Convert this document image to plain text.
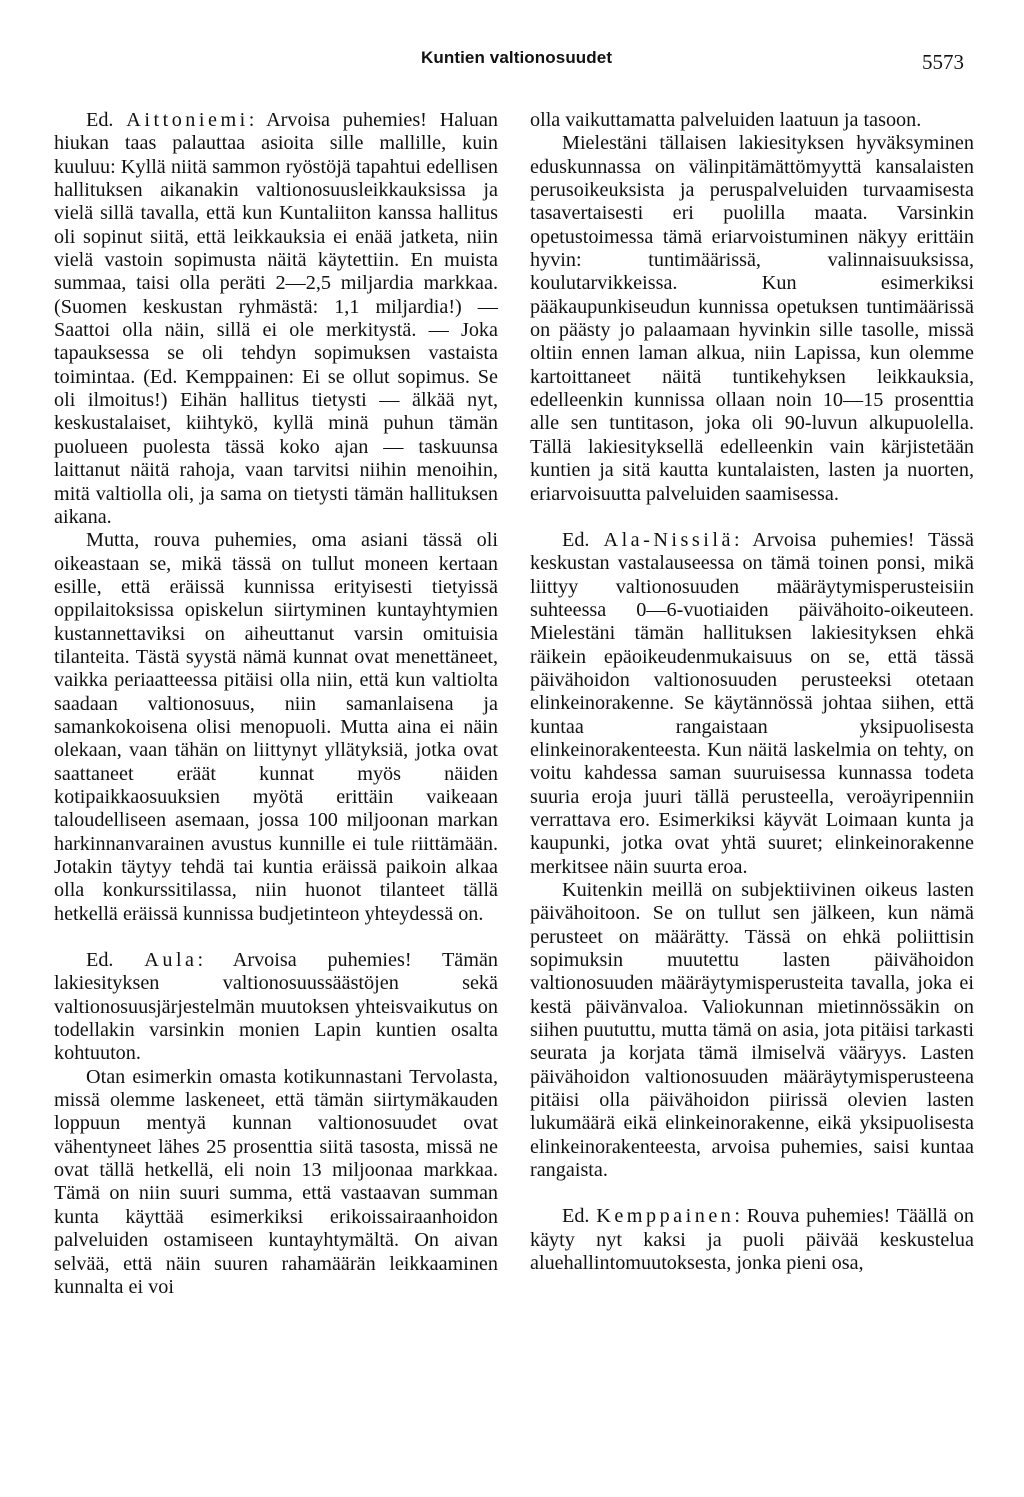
Kuntien valtionosuudet	5573

Ed. Aittoniemi: Arvoisa puhemies! Haluan hiukan taas palauttaa asioita sille mallille, kuin kuuluu: Kyllä niitä sammon ryöstöjä tapahtui edellisen hallituksen aikanakin valtionosuusleikkauksissa ja vielä sillä tavalla, että kun Kuntaliiton kanssa hallitus oli sopinut siitä, että leikkauksia ei enää jatketa, niin vielä vastoin sopimusta näitä käytettiin. En muista summaa, taisi olla peräti 2—2,5 miljardia markkaa. (Suomen keskustan ryhmästä: 1,1 miljardia!) — Saattoi olla näin, sillä ei ole merkitystä. — Joka tapauksessa se oli tehdyn sopimuksen vastaista toimintaa. (Ed. Kemppainen: Ei se ollut sopimus. Se oli ilmoitus!) Eihän hallitus tietysti — älkää nyt, keskustalaiset, kiihtykö, kyllä minä puhun tämän puolueen puolesta tässä koko ajan — taskuunsa laittanut näitä rahoja, vaan tarvitsi niihin menoihin, mitä valtiolla oli, ja sama on tietysti tämän hallituksen aikana.

Mutta, rouva puhemies, oma asiani tässä oli oikeastaan se, mikä tässä on tullut moneen kertaan esille, että eräissä kunnissa erityisesti tietyissä oppilaitoksissa opiskelun siirtyminen kuntayhtymien kustannettaviksi on aiheuttanut varsin omituisia tilanteita. Tästä syystä nämä kunnat ovat menettäneet, vaikka periaatteessa pitäisi olla niin, että kun valtiolta saadaan valtionosuus, niin samanlaisena ja samankokoisena olisi menopuoli. Mutta aina ei näin olekaan, vaan tähän on liittynyt yllätyksiä, jotka ovat saattaneet eräät kunnat myös näiden kotipaikkaosuuksien myötä erittäin vaikeaan taloudelliseen asemaan, jossa 100 miljoonan markan harkinnanvarainen avustus kunnille ei tule riittämään. Jotakin täytyy tehdä tai kuntia eräissä paikoin alkaa olla konkurssitilassa, niin huonot tilanteet tällä hetkellä eräissä kunnissa budjetinteon yhteydessä on.

Ed. Aula: Arvoisa puhemies! Tämän lakiesityksen valtionosuussäästöjen sekä valtionosuusjärjestelmän muutoksen yhteisvaikutus on todellakin varsinkin monien Lapin kuntien osalta kohtuuton.

Otan esimerkin omasta kotikunnastani Tervolasta, missä olemme laskeneet, että tämän siirtymäkauden loppuun mentyä kunnan valtionosuudet ovat vähentyneet lähes 25 prosenttia siitä tasosta, missä ne ovat tällä hetkellä, eli noin 13 miljoonaa markkaa. Tämä on niin suuri summa, että vastaavan summan kunta käyttää esimerkiksi erikoissairaanhoidon palveluiden ostamiseen kuntayhtymältä. On aivan selvää, että näin suuren rahamäärän leikkaaminen kunnalta ei voi

olla vaikuttamatta palveluiden laatuun ja tasoon.

Mielestäni tällaisen lakiesityksen hyväksyminen eduskunnassa on välinpitämättömyyttä kansalaisten perusoikeuksista ja peruspalveluiden turvaamisesta tasavertaisesti eri puolilla maata. Varsinkin opetustoimessa tämä eriarvoistuminen näkyy erittäin hyvin: tuntimäärissä, valinnaisuuksissa, koulutarvikkeissa. Kun esimerkiksi pääkaupunkiseudun kunnissa opetuksen tuntimäärissä on päästy jo palaamaan hyvinkin sille tasolle, missä oltiin ennen laman alkua, niin Lapissa, kun olemme kartoittaneet näitä tuntikehyksen leikkauksia, edelleenkin kunnissa ollaan noin 10—15 prosenttia alle sen tuntitason, joka oli 90-luvun alkupuolella. Tällä lakiesityksellä edelleenkin vain kärjistetään kuntien ja sitä kautta kuntalaisten, lasten ja nuorten, eriarvoisuutta palveluiden saamisessa.

Ed. Ala-Nissilä: Arvoisa puhemies! Tässä keskustan vastalauseessa on tämä toinen ponsi, mikä liittyy valtionosuuden määräytymisperusteisiin suhteessa 0—6-vuotiaiden päivähoito-oikeuteen. Mielestäni tämän hallituksen lakiesityksen ehkä räikein epäoikeudenmukaisuus on se, että tässä päivähoidon valtionosuuden perusteeksi otetaan elinkeinorakenne. Se käytännössä johtaa siihen, että kuntaa rangaistaan yksipuolisesta elinkeinorakenteesta. Kun näitä laskelmia on tehty, on voitu kahdessa saman suuruisessa kunnassa todeta suuria eroja juuri tällä perusteella, veroäyripenniin verrattava ero. Esimerkiksi käyvät Loimaan kunta ja kaupunki, jotka ovat yhtä suuret; elinkeinorakenne merkitsee näin suurta eroa.

Kuitenkin meillä on subjektiivinen oikeus lasten päivähoitoon. Se on tullut sen jälkeen, kun nämä perusteet on määrätty. Tässä on ehkä poliittisin sopimuksin muutettu lasten päivähoidon valtionosuuden määräytymisperusteita tavalla, joka ei kestä päivänvaloa. Valiokunnan mietinnössäkin on siihen puututtu, mutta tämä on asia, jota pitäisi tarkasti seurata ja korjata tämä ilmiselvä vääryys. Lasten päivähoidon valtionosuuden määräytymisperusteena pitäisi olla päivähoidon piirissä olevien lasten lukumäärä eikä elinkeinorakenne, eikä yksipuolisesta elinkeinorakenteesta, arvoisa puhemies, saisi kuntaa rangaista.

Ed. Kemppainen: Rouva puhemies! Täällä on käyty nyt kaksi ja puoli päivää keskustelua aluehallintomuutoksesta, jonka pieni osa,
